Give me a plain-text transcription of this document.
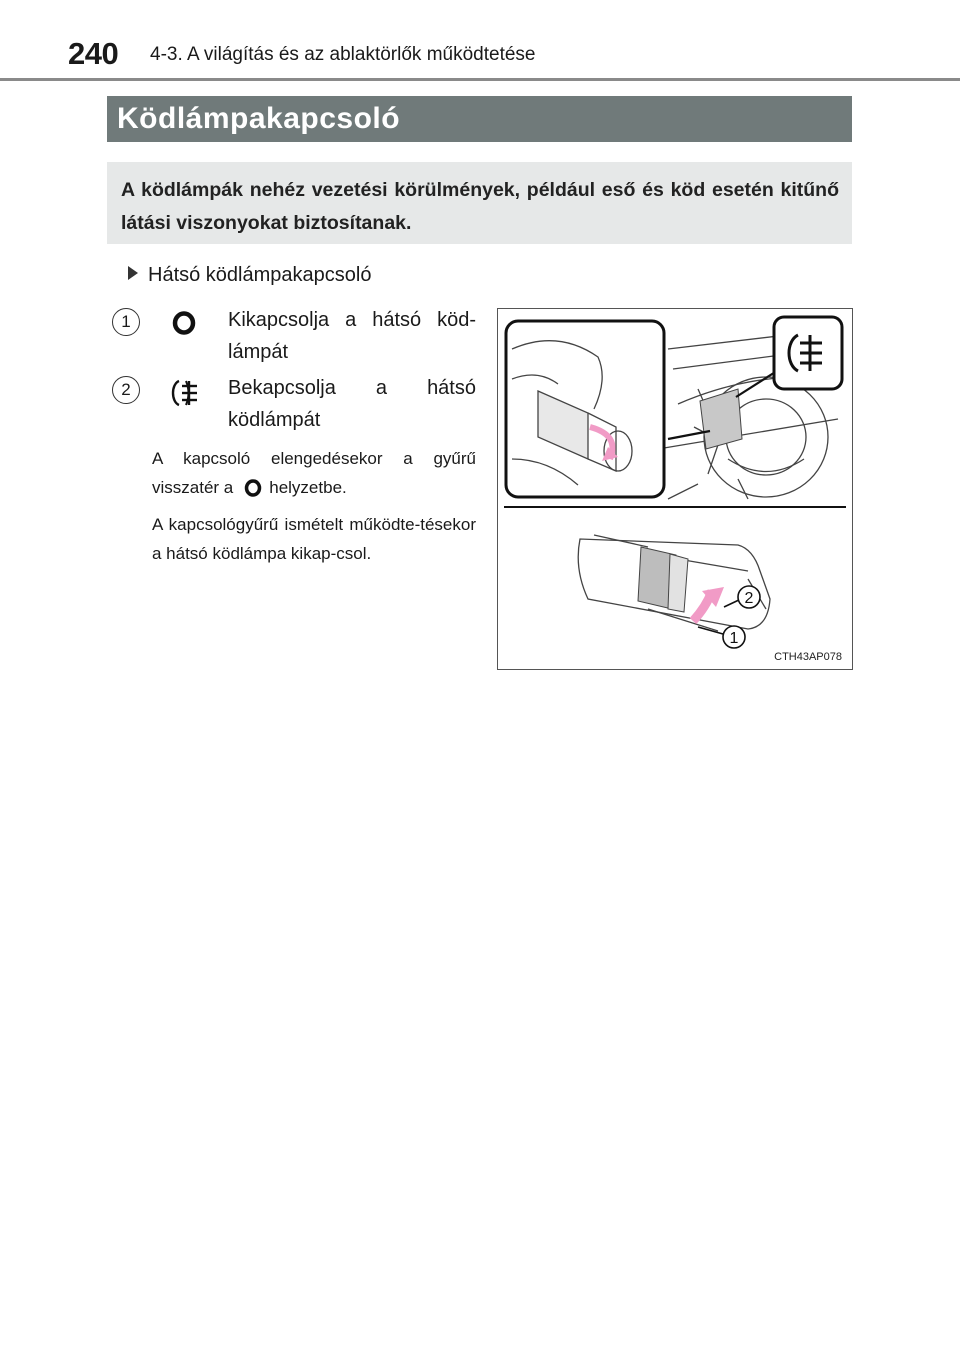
240 4-3. A világítás és az ablaktörlők működtetése
Ködlámpakapcsoló

A ködlámpák nehéz vezetési körülmények, például eső és köd esetén kitűnő látási viszonyokat biztosítanak.

Hátsó ködlámpakapcsoló
1	Kikapcsolja a hátsó köd-lámpát
2	Bekapcsolja a hátsó ködlámpát
A kapcsoló elengedésekor a gyűrű visszatér a helyzetbe.
A kapcsológyűrű ismételt működte-tésekor a hátsó ködlámpa kikap-csol.
2
1
CTH43AP078
